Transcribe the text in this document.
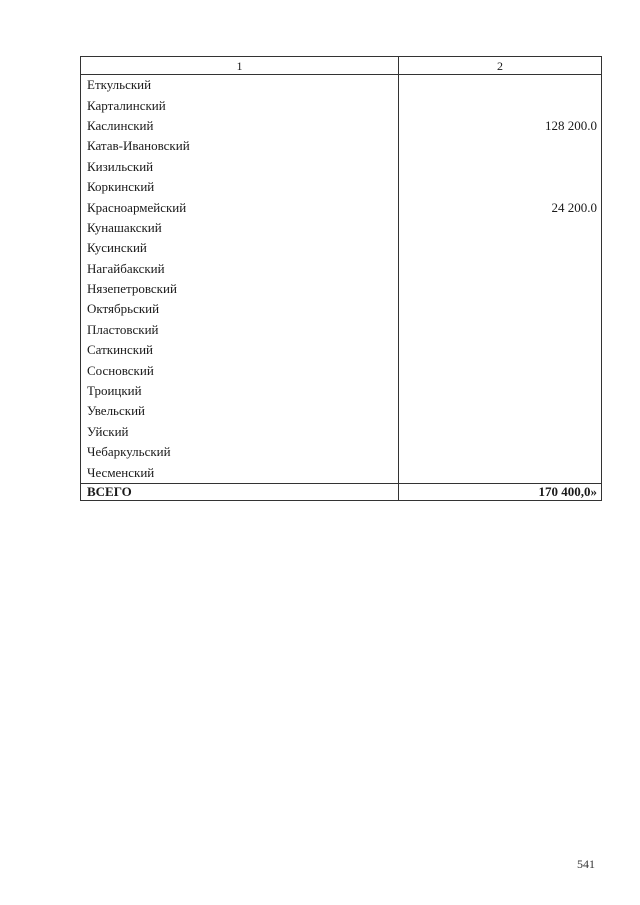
1	2
Еткульский	
Карталинский	
Каслинский	128 200.0
Катав-Ивановский	
Кизильский	
Коркинский	
Красноармейский	24 200.0
Кунашакский	
Кусинский	
Нагайбакский	
Нязепетровский	
Октябрьский	
Пластовский	
Саткинский	
Сосновский	
Троицкий	
Увельский	
Уйский	
Чебаркульский	
Чесменский	
ВСЕГО	170 400,0»
541
